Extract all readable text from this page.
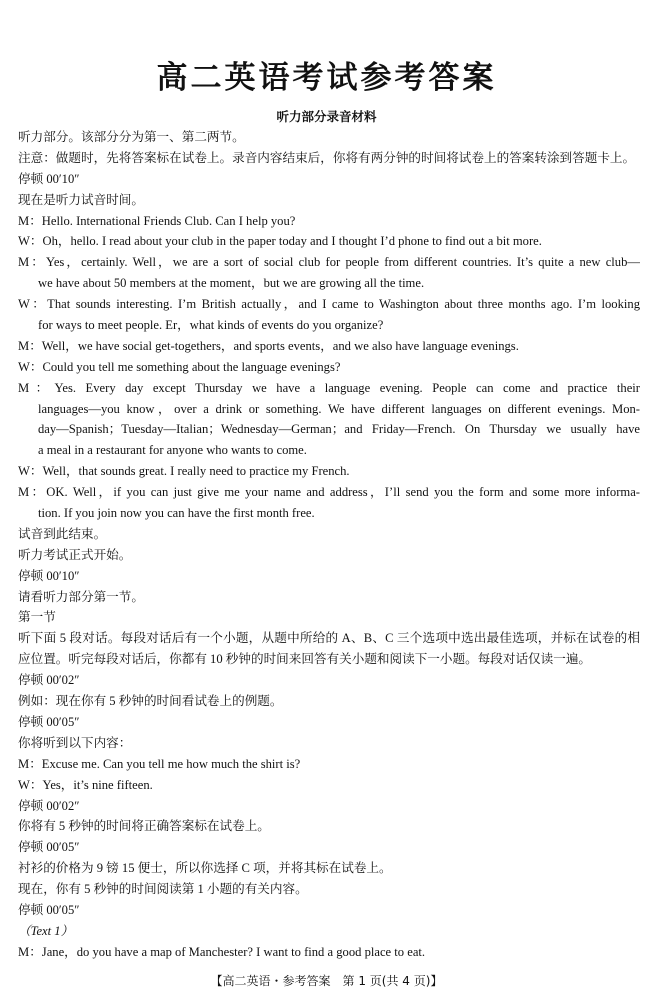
高二英语考试参考答案
听力部分录音材料
听力部分。该部分分为第一、第二两节。
注意：做题时，先将答案标在试卷上。录音内容结束后，你将有两分钟的时间将试卷上的答案转涂到答题卡上。
停顿 00′10″
现在是听力试音时间。
M：Hello. International Friends Club. Can I help you?
W：Oh，hello. I read about your club in the paper today and I thought I’d phone to find out a bit more.
M：Yes，certainly. Well，we are a sort of social club for people from different countries. It’s quite a new club—
we have about 50 members at the moment，but we are growing all the time.
W：That sounds interesting. I’m British actually，and I came to Washington about three months ago. I’m looking
for ways to meet people. Er，what kinds of events do you organize?
M：Well，we have social get-togethers，and sports events，and we also have language evenings.
W：Could you tell me something about the language evenings?
M：Yes. Every day except Thursday we have a language evening. People can come and practice their
languages—you know，over a drink or something. We have different languages on different evenings. Mon-
day—Spanish；Tuesday—Italian；Wednesday—German；and Friday—French. On Thursday we usually have
a meal in a restaurant for anyone who wants to come.
W：Well，that sounds great. I really need to practice my French.
M：OK. Well，if you can just give me your name and address，I’ll send you the form and some more informa-
tion. If you join now you can have the first month free.
试音到此结束。
听力考试正式开始。
停顿 00′10″
请看听力部分第一节。
第一节
听下面 5 段对话。每段对话后有一个小题，从题中所给的 A、B、C 三个选项中选出最佳选项，并标在试卷的相
应位置。听完每段对话后，你都有 10 秒钟的时间来回答有关小题和阅读下一小题。每段对话仅读一遍。
停顿 00′02″
例如：现在你有 5 秒钟的时间看试卷上的例题。
停顿 00′05″
你将听到以下内容：
M：Excuse me. Can you tell me how much the shirt is?
W：Yes，it’s nine fifteen.
停顿 00′02″
你将有 5 秒钟的时间将正确答案标在试卷上。
停顿 00′05″
衬衫的价格为 9 镑 15 便士，所以你选择 C 项，并将其标在试卷上。
现在，你有 5 秒钟的时间阅读第 1 小题的有关内容。
停顿 00′05″
（Text 1）
M：Jane，do you have a map of Manchester? I want to find a good place to eat.
【高二英语・参考答案　第 1 页(共 4 页)】
